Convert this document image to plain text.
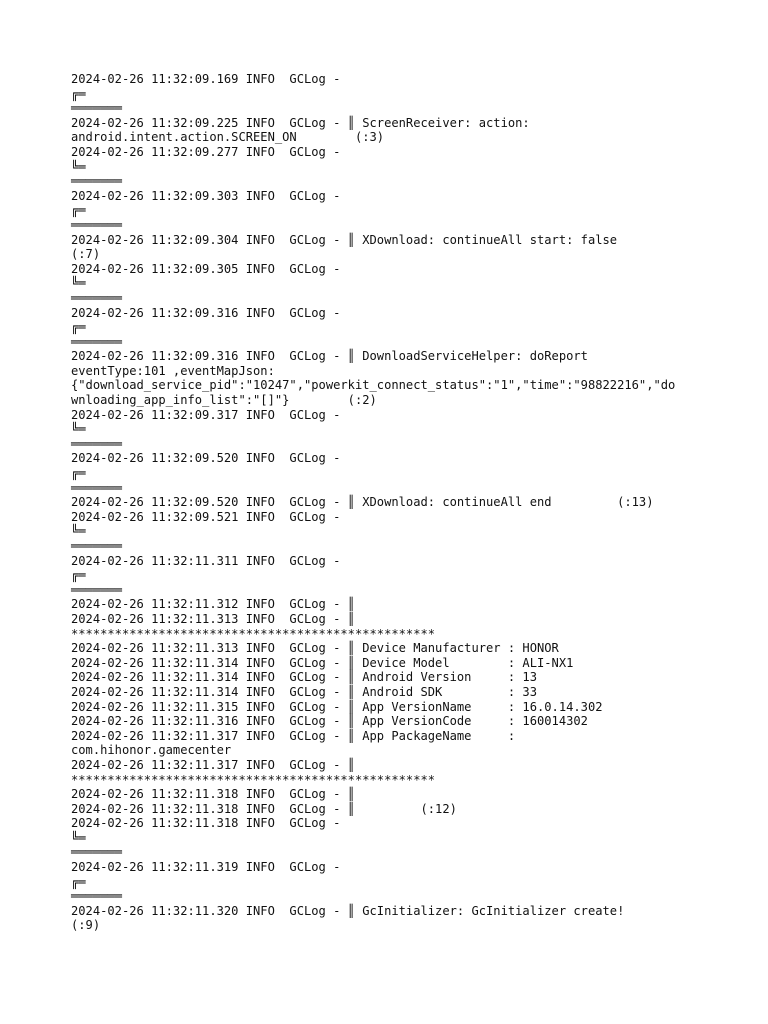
2024-02-26 11:32:09.169 INFO  GCLog -
╔═
═══════
2024-02-26 11:32:09.225 INFO  GCLog - ║ ScreenReceiver: action:
android.intent.action.SCREEN_ON        (:3)
2024-02-26 11:32:09.277 INFO  GCLog -
╚═
═══════
2024-02-26 11:32:09.303 INFO  GCLog -
╔═
═══════
2024-02-26 11:32:09.304 INFO  GCLog - ║ XDownload: continueAll start: false
(:7)
2024-02-26 11:32:09.305 INFO  GCLog -
╚═
═══════
2024-02-26 11:32:09.316 INFO  GCLog -
╔═
═══════
2024-02-26 11:32:09.316 INFO  GCLog - ║ DownloadServiceHelper: doReport
eventType:101 ,eventMapJson:
{"download_service_pid":"10247","powerkit_connect_status":"1","time":"98822216","do
wnloading_app_info_list":"[]"}        (:2)
2024-02-26 11:32:09.317 INFO  GCLog -
╚═
═══════
2024-02-26 11:32:09.520 INFO  GCLog -
╔═
═══════
2024-02-26 11:32:09.520 INFO  GCLog - ║ XDownload: continueAll end         (:13)
2024-02-26 11:32:09.521 INFO  GCLog -
╚═
═══════
2024-02-26 11:32:11.311 INFO  GCLog -
╔═
═══════
2024-02-26 11:32:11.312 INFO  GCLog - ║
2024-02-26 11:32:11.313 INFO  GCLog - ║
**************************************************
2024-02-26 11:32:11.313 INFO  GCLog - ║ Device Manufacturer : HONOR
2024-02-26 11:32:11.314 INFO  GCLog - ║ Device Model        : ALI-NX1
2024-02-26 11:32:11.314 INFO  GCLog - ║ Android Version     : 13
2024-02-26 11:32:11.314 INFO  GCLog - ║ Android SDK         : 33
2024-02-26 11:32:11.315 INFO  GCLog - ║ App VersionName     : 16.0.14.302
2024-02-26 11:32:11.316 INFO  GCLog - ║ App VersionCode     : 160014302
2024-02-26 11:32:11.317 INFO  GCLog - ║ App PackageName     :
com.hihonor.gamecenter
2024-02-26 11:32:11.317 INFO  GCLog - ║
**************************************************
2024-02-26 11:32:11.318 INFO  GCLog - ║
2024-02-26 11:32:11.318 INFO  GCLog - ║         (:12)
2024-02-26 11:32:11.318 INFO  GCLog -
╚═
═══════
2024-02-26 11:32:11.319 INFO  GCLog -
╔═
═══════
2024-02-26 11:32:11.320 INFO  GCLog - ║ GcInitializer: GcInitializer create!
(:9)
